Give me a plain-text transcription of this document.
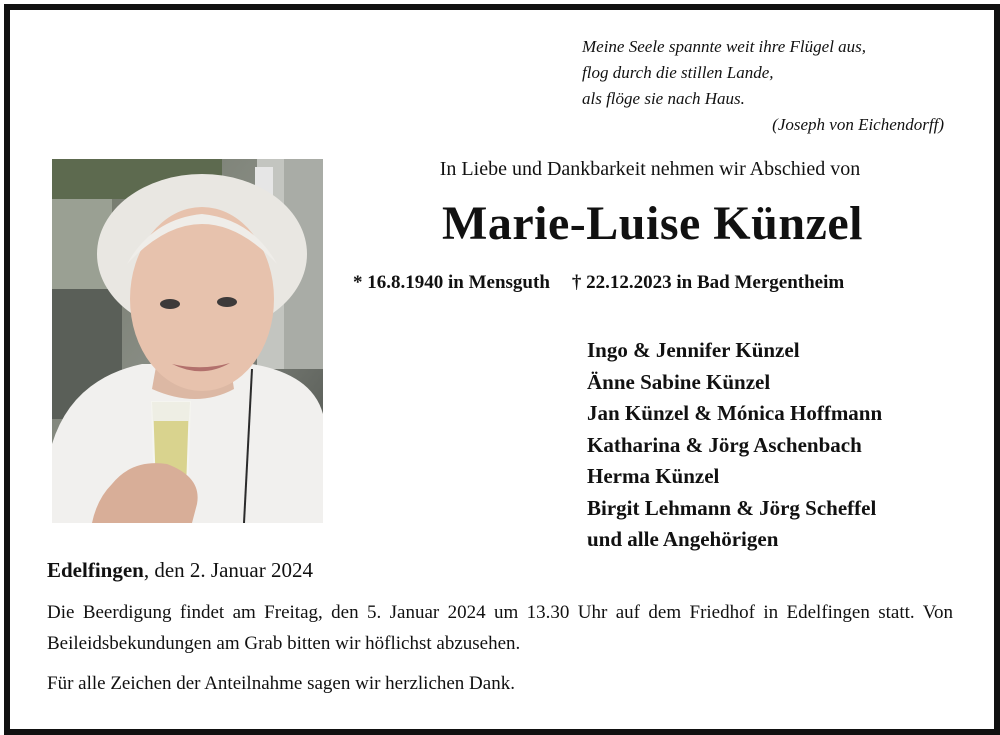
Meine Seele spannte weit ihre Flügel aus,
flog durch die stillen Lande,
als flöge sie nach Haus.
(Joseph von Eichendorff)
In Liebe und Dankbarkeit nehmen wir Abschied von
Marie-Luise Künzel
* 16.8.1940 in Mensguth † 22.12.2023 in Bad Mergentheim
Ingo & Jennifer Künzel
Änne Sabine Künzel
Jan Künzel & Mónica Hoffmann
Katharina & Jörg Aschenbach
Herma Künzel
Birgit Lehmann & Jörg Scheffel
und alle Angehörigen
Edelfingen, den 2. Januar 2024
Die Beerdigung findet am Freitag, den 5. Januar 2024 um 13.30 Uhr auf dem Friedhof in Edelfingen statt. Von Beileidsbekundungen am Grab bitten wir höflichst abzusehen.
Für alle Zeichen der Anteilnahme sagen wir herzlichen Dank.
